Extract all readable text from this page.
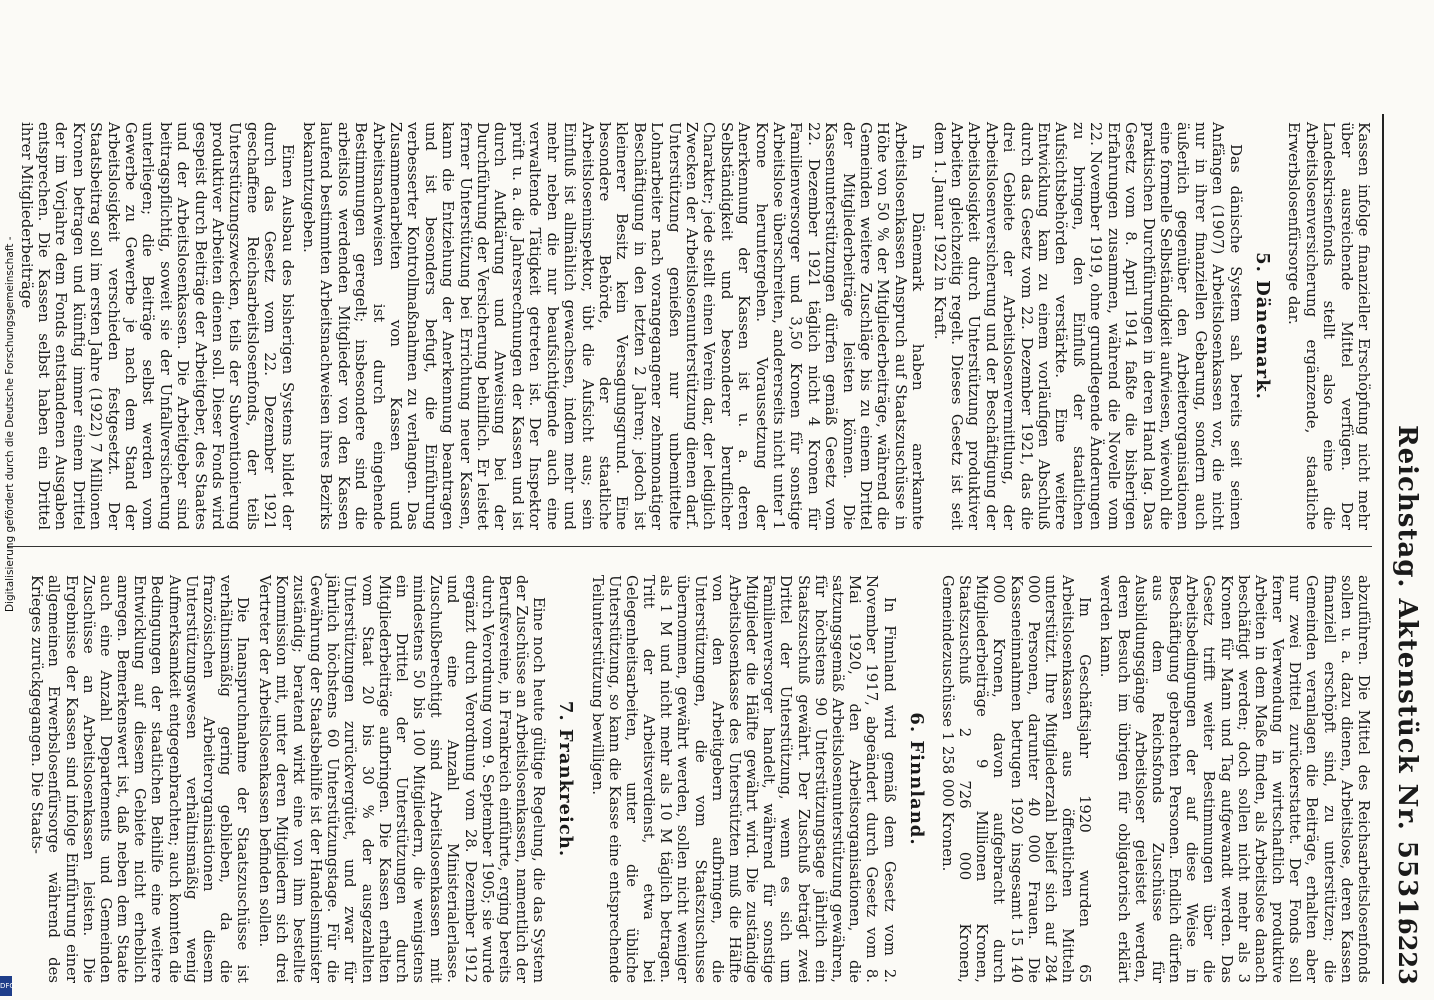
Reichstag. Aktenstück Nr. 5531.
6223

Kassen infolge finanzieller Erschöpfung nicht mehr über ausreichende Mittel verfügen. Der Landeskrisenfonds stellt also eine die Arbeitslosenversicherung ergänzende, staatliche Erwerbslosenfürsorge dar.

5. Dänemark.

Das dänische System sah bereits seit seinen Anfängen (1907) Arbeitslosenkassen vor, die nicht nur in ihrer finanziellen Gebarung, sondern auch äußerlich gegenüber den Arbeiterorganisationen eine formelle Selbständigkeit aufwiesen, wiewohl die praktischen Durchführungen in deren Hand lag. Das Gesetz vom 8. April 1914 faßte die bisherigen Erfahrungen zusammen, während die Novelle vom 22. November 1919, ohne grundlegende Änderungen zu bringen, den Einfluß der staatlichen Aufsichtsbehörden verstärkte. Eine weitere Entwicklung kam zu einem vorläufigen Abschluß durch das Gesetz vom 22. Dezember 1921, das die drei Gebiete der Arbeitslosenvermittlung, der Arbeitslosenversicherung und der Beschäftigung der Arbeitslosigkeit durch Unterstützung produktiver Arbeiten gleichzeitig regelt. Dieses Gesetz ist seit dem 1. Januar 1922 in Kraft.

In Dänemark haben anerkannte Arbeitslosenkassen Anspruch auf Staatszuschüsse in Höhe von 50 % der Mitgliederbeiträge, während die Gemeinden weitere Zuschläge bis zu einem Drittel der Mitgliederbeiträge leisten können. Die Kassenunterstützungen dürfen gemäß Gesetz vom 22. Dezember 1921 täglich nicht 4 Kronen für Familienversorger und 3,50 Kronen für sonstige Arbeitslose überschreiten, andererseits nicht unter 1 Krone heruntergehen. Voraussetzung der Anerkennung der Kassen ist u. a. deren Selbständigkeit und besonderer beruflicher Charakter; jede stellt einen Verein dar, der lediglich Zwecken der Arbeitslosenunterstützung dienen darf. Unterstützung genießen nur unbemittelte Lohnarbeiter nach vorangegangener zehnmonatiger Beschäftigung in den letzten 2 Jahren; jedoch ist kleinerer Besitz kein Versagungsgrund. Eine besondere Behörde, der staatliche Arbeitsloseninspektor, übt die Aufsicht aus; sein Einfluß ist allmählich gewachsen, indem mehr und mehr neben die nur beaufsichtigende auch eine verwaltende Tätigkeit getreten ist. Der Inspektor prüft u. a. die Jahresrechnungen der Kassen und ist durch Aufklärung und Anweisung bei der Durchführung der Versicherung behilflich. Er leistet ferner Unterstützung bei Errichtung neuer Kassen, kann die Entziehung der Anerkennung beantragen und ist besonders befugt, die Einführung verbesserter Kontrollmaßnahmen zu verlangen. Das Zusammenarbeiten von Kassen und Arbeitsnachweisen ist durch eingehende Bestimmungen geregelt; insbesondere sind die arbeitslos werdenden Mitglieder von den Kassen laufend bestimmten Arbeitsnachweisen ihres Bezirks bekanntzugeben.

Einen Ausbau des bisherigen Systems bildet der durch das Gesetz vom 22. Dezember 1921 geschaffene Reichsarbeitslosenfonds, der teils Unterstützungszwecken, teils der Subventionierung produktiver Arbeiten dienen soll. Dieser Fonds wird gespeist durch Beiträge der Arbeitgeber, des Staates und der Arbeitslosenkassen. Die Arbeitgeber sind beitragspflichtig, soweit sie der Unfallversicherung unterliegen; die Beiträge selbst werden vom Gewerbe zu Gewerbe je nach dem Stand der Arbeitslosigkeit verschieden festgesetzt. Der Staatsbeitrag soll im ersten Jahre (1922) 7 Millionen Kronen betragen und künftig immer einem Drittel der im Vorjahre dem Fonds entstandenen Ausgaben entsprechen. Die Kassen selbst haben ein Drittel ihrer Mitgliederbeiträge

abzuführen. Die Mittel des Reichsarbeitslosenfonds sollen u. a. dazu dienen, Arbeitslose, deren Kassen finanziell erschöpft sind, zu unterstützen; die Gemeinden veranlagen die Beiträge, erhalten aber nur zwei Drittel zurückerstattet. Der Fonds soll ferner Verwendung in wirtschaftlich produktive Arbeiten in dem Maße finden, als Arbeitslose danach beschäftigt werden; doch sollen nicht mehr als 3 Kronen für Mann und Tag aufgewandt werden. Das Gesetz trifft weiter Bestimmungen über die Arbeitsbedingungen der auf diese Weise in Beschäftigung gebrachten Personen. Endlich dürfen aus dem Reichsfonds Zuschüsse für Ausbildungsgänge Arbeitsloser geleistet werden, deren Besuch im übrigen für obligatorisch erklärt werden kann.

Im Geschäftsjahr 1920 wurden 65 Arbeitslosenkassen aus öffentlichen Mitteln unterstützt. Ihre Mitgliederzahl belief sich auf 284 000 Personen, darunter 40 000 Frauen. Die Kasseneinnahmen betrugen 1920 insgesamt 15 140 000 Kronen, davon aufgebracht durch Mitgliederbeiträge 9 Millionen Kronen, Staatszuschuß 2 726 000 Kronen, Gemeindezuschüsse 1 258 000 Kronen.

6. Finnland.

In Finnland wird gemäß dem Gesetz vom 2. November 1917, abgeändert durch Gesetz vom 8. Mai 1920, den Arbeitsorganisationen, die satzungsgemäß Arbeitslosenunterstützung gewähren, für höchstens 90 Unterstützungstage jährlich ein Staatszuschuß gewährt. Der Zuschuß beträgt zwei Drittel der Unterstützung, wenn es sich um Familienversorger handelt, während für sonstige Mitglieder die Hälfte gewährt wird. Die zuständige Arbeitslosenkasse des Unterstützten muß die Hälfte von den Arbeitgebern aufbringen, die Unterstützungen, die vom Staatszuschusse übernommen, gewährt werden, sollen nicht weniger als 1 M und nicht mehr als 10 M täglich betragen. Tritt der Arbeitsverdienst, etwa bei Gelegenheitsarbeiten, unter die übliche Unterstützung, so kann die Kasse eine entsprechende Teilunterstützung bewilligen.

7. Frankreich.

Eine noch heute gültige Regelung, die das System der Zuschüsse an Arbeitslosenkassen, namentlich der Berufsvereine, in Frankreich einführte, erging bereits durch Verordnung vom 9. September 1905; sie wurde ergänzt durch Verordnung vom 28. Dezember 1912 und eine Anzahl Ministerialerlasse. Zuschußberechtigt sind Arbeitslosenkassen mit mindestens 50 bis 100 Mitgliedern, die wenigstens ein Drittel der Unterstützungen durch Mitgliederbeiträge aufbringen. Die Kassen erhalten vom Staat 20 bis 30 % der ausgezahlten Unterstützungen zurückvergütet, und zwar für jährlich höchstens 60 Unterstützungstage. Für die Gewährung der Staatsbeihilfe ist der Handelsminister zuständig; beratend wirkt eine von ihm bestellte Kommission mit, unter deren Mitgliedern sich drei Vertreter der Arbeitslosenkassen befinden sollen.

Die Inanspruchnahme der Staatszuschüsse ist verhältnismäßig gering geblieben, da die französischen Arbeiterorganisationen diesem Unterstützungswesen verhältnismäßig wenig Aufmerksamkeit entgegenbrachten; auch konnten die Bedingungen der staatlichen Beihilfe eine weitere Entwicklung auf diesem Gebiete nicht erheblich anregen. Bemerkenswert ist, daß neben dem Staate auch eine Anzahl Departements und Gemeinden Zuschüsse an Arbeitslosenkassen leisten. Die Ergebnisse der Kassen sind infolge Einführung einer allgemeinen Erwerbslosenfürsorge während des Krieges zurückgegangen. Die Staats-

Digitalisierung gefördert durch die Deutsche Forschungsgemeinschaft -
DFG
